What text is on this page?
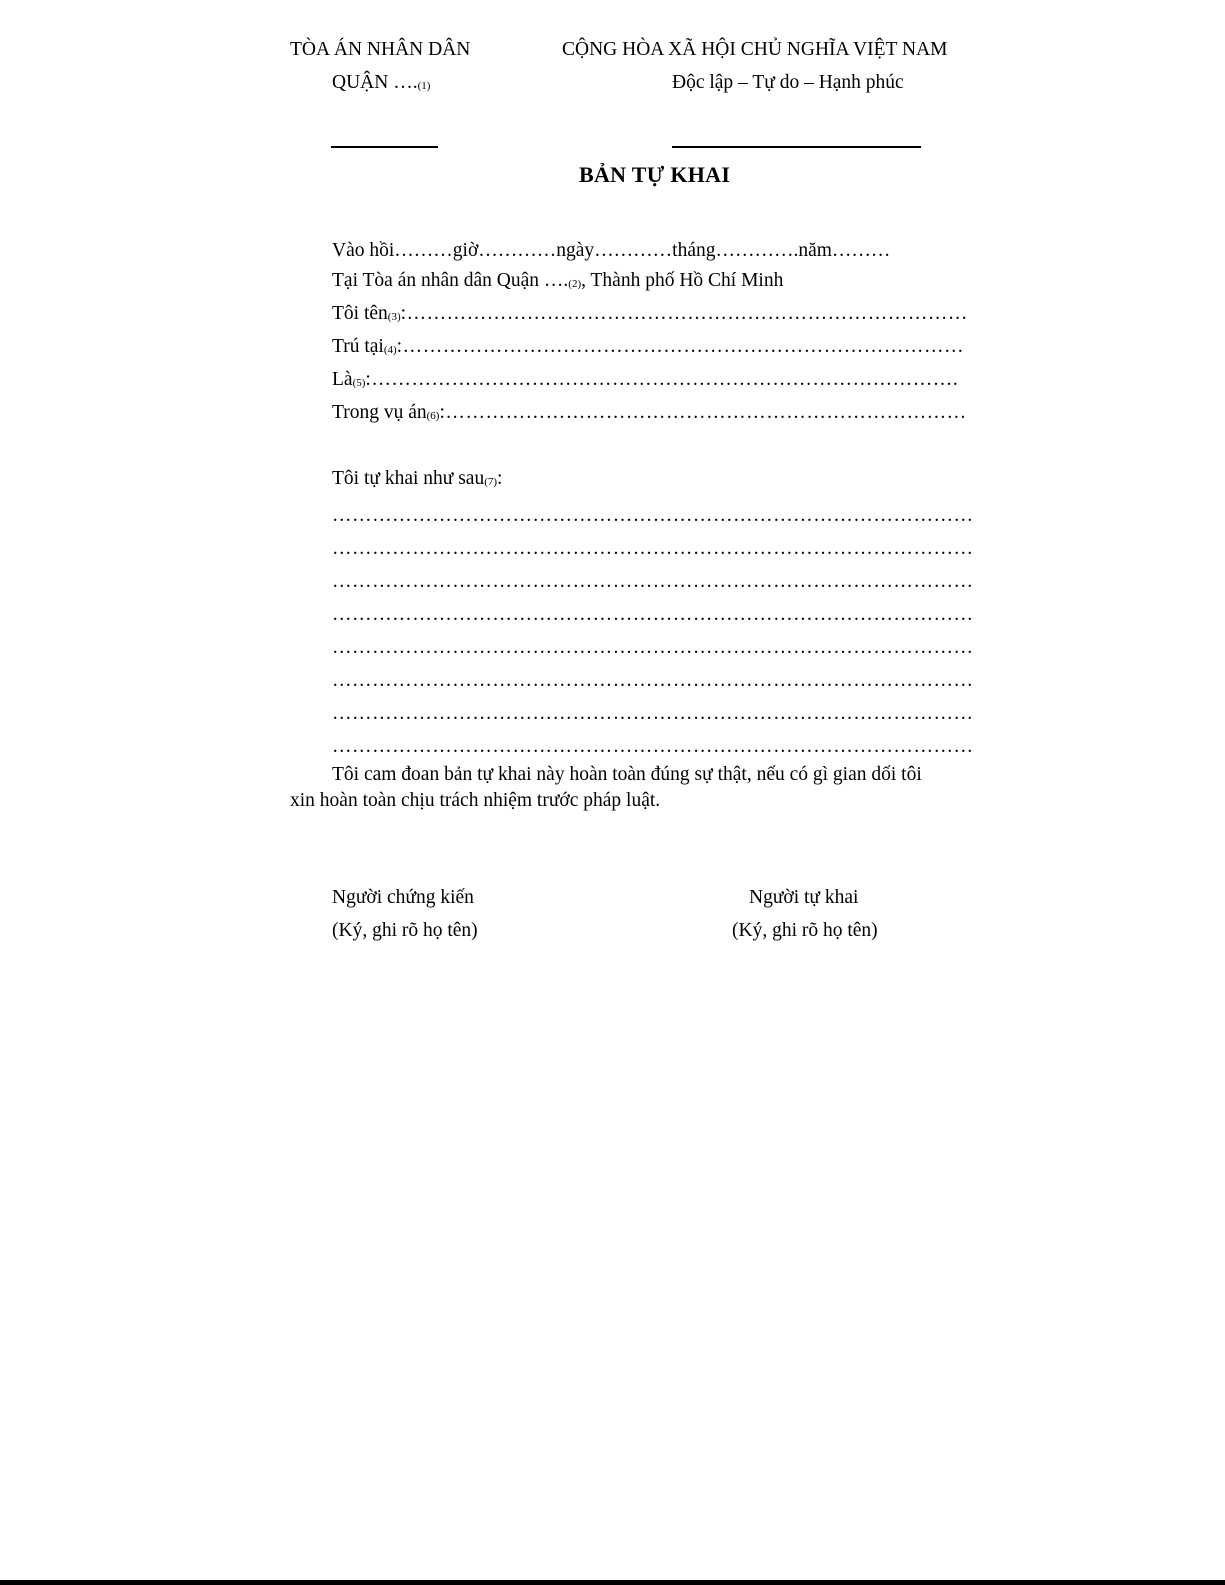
TÒA ÁN NHÂN DÂN
QUẬN $\dots._{(1)}$
CỘNG HÒA XÃ HỘI CHỦ NGHĨA VIỆT NAM
Độc lập – Tự do – Hạnh phúc
BẢN TỰ KHAI
Vào hồi………giờ…………ngày…………tháng………….năm………
Tại Tòa án nhân dân Quận $\dots._{(2)}$, Thành phố Hồ Chí Minh
Tôi tên$_{(3)}$:…………………………………………………………………………
Trú tại$_{(4)}$:…………………………………………………………………………
$Là_{(5)}:\dots\dots\dots\dots\dots\dots\dots\dots\dots\dots\dots\dots\dots\dots\dots\dots\dots\dots\dots\dots\dots\dots\dots\dots\dots\dots\dots\dots\dots$.
Trong vụ $án_{(6)}:\dots\dots\dots\dots\dots\dots\dots\dots\dots\dots\dots\dots\dots\dots\dots\dots\dots\dots\dots\dots\dots\dots\dots\dots\dots\dots$
Tôi tự khai như sau$_{(7)}$:
……………………………………………………………………………………
……………………………………………………………………………………
……………………………………………………………………………………
……………………………………………………………………………………
……………………………………………………………………………………
……………………………………………………………………………………
……………………………………………………………………………………
……………………………………………………………………………………
Tôi cam đoan bản tự khai này hoàn toàn đúng sự thật, nếu có gì gian dối tôi
xin hoàn toàn chịu trách nhiệm trước pháp luật.
Người chứng kiến
(Ký, ghi rõ họ tên)
Người tự khai
(Ký, ghi rõ họ tên)
